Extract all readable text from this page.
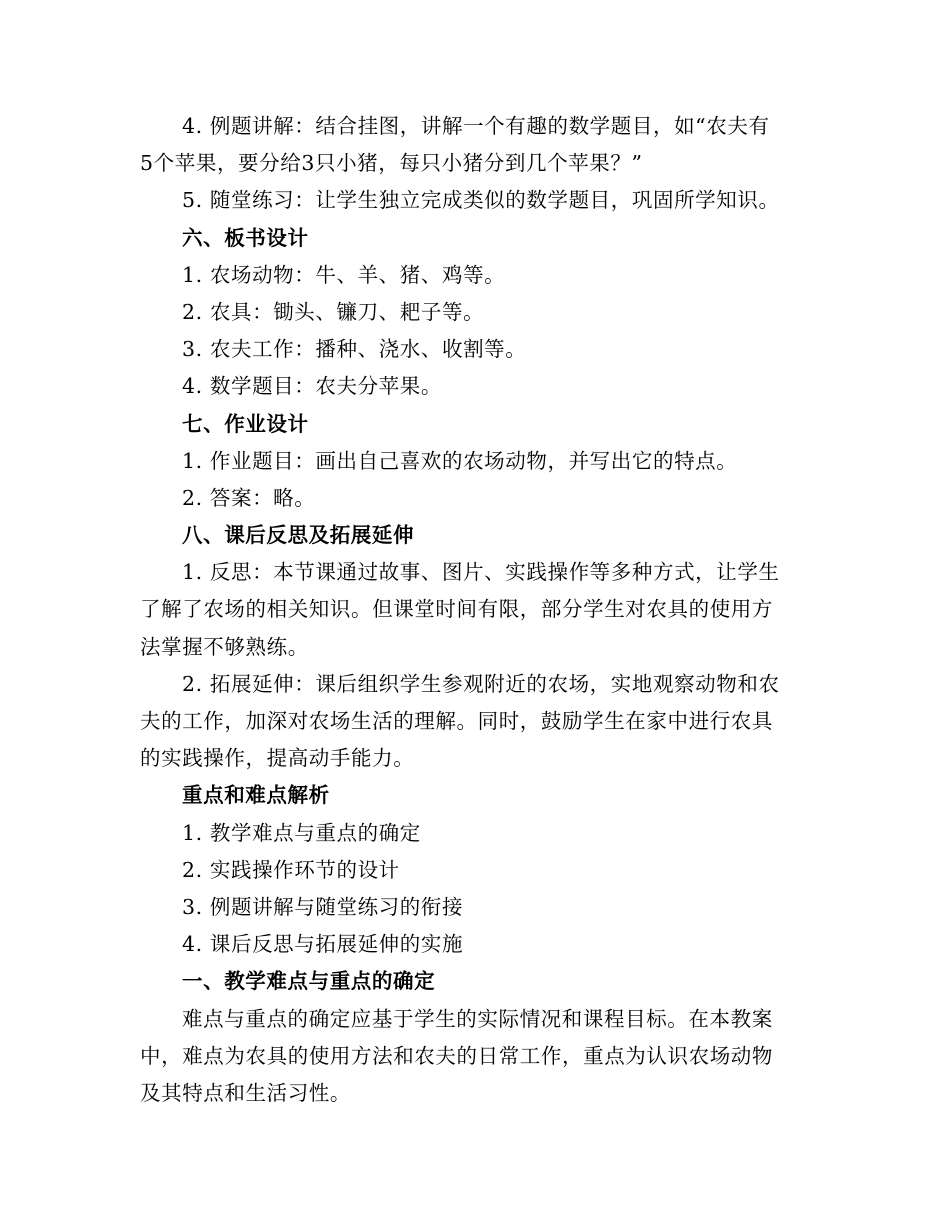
4. 例题讲解：结合挂图，讲解一个有趣的数学题目，如“农夫有
5个苹果，要分给3只小猪，每只小猪分到几个苹果？”
5. 随堂练习：让学生独立完成类似的数学题目，巩固所学知识。
六、板书设计
1. 农场动物：牛、羊、猪、鸡等。
2. 农具：锄头、镰刀、耙子等。
3. 农夫工作：播种、浇水、收割等。
4. 数学题目：农夫分苹果。
七、作业设计
1. 作业题目：画出自己喜欢的农场动物，并写出它的特点。
2. 答案：略。
八、课后反思及拓展延伸
1. 反思：本节课通过故事、图片、实践操作等多种方式，让学生
了解了农场的相关知识。但课堂时间有限，部分学生对农具的使用方
法掌握不够熟练。
2. 拓展延伸：课后组织学生参观附近的农场，实地观察动物和农
夫的工作，加深对农场生活的理解。同时，鼓励学生在家中进行农具
的实践操作，提高动手能力。
重点和难点解析
1. 教学难点与重点的确定
2. 实践操作环节的设计
3. 例题讲解与随堂练习的衔接
4. 课后反思与拓展延伸的实施
一、教学难点与重点的确定
难点与重点的确定应基于学生的实际情况和课程目标。在本教案
中，难点为农具的使用方法和农夫的日常工作，重点为认识农场动物
及其特点和生活习性。
